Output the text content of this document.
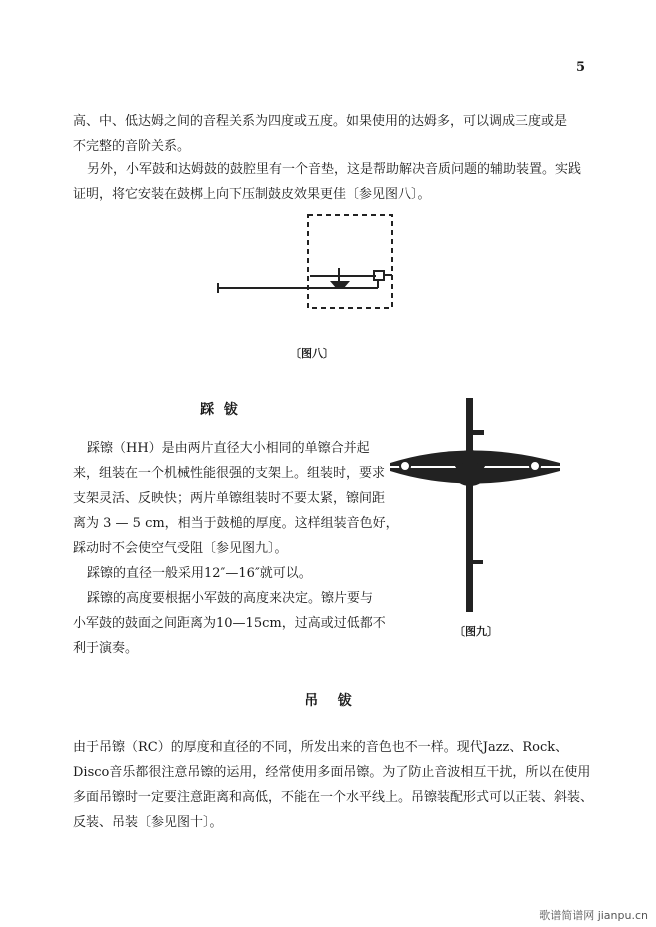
5
高、中、低达姆之间的音程关系为四度或五度。如果使用的达姆多，可以调成三度或是
不完整的音阶关系。
另外，小军鼓和达姆鼓的鼓腔里有一个音垫，这是帮助解决音质问题的辅助装置。实践
证明，将它安装在鼓梆上向下压制鼓皮效果更佳〔参见图八〕。
〔图八〕
踩  钹
踩镲（HH）是由两片直径大小相同的单镲合并起
来，组装在一个机械性能很强的支架上。组装时，要求
支架灵活、反映快；两片单镲组装时不要太紧，镲间距
离为 3 — 5 cm，相当于鼓槌的厚度。这样组装音色好，
踩动时不会使空气受阻〔参见图九〕。
踩镲的直径一般采用12″—16″就可以。
踩镲的高度要根据小军鼓的高度来决定。镲片要与
小军鼓的鼓面之间距离为10—15cm，过高或过低都不
利于演奏。
〔图九〕
吊    钹
由于吊镲（RC）的厚度和直径的不同，所发出来的音色也不一样。现代Jazz、Rock、
Disco音乐都很注意吊镲的运用，经常使用多面吊镲。为了防止音波相互干扰，所以在使用
多面吊镲时一定要注意距离和高低，不能在一个水平线上。吊镲装配形式可以正装、斜装、
反装、吊装〔参见图十〕。
歌谱简谱网 jianpu.cn
